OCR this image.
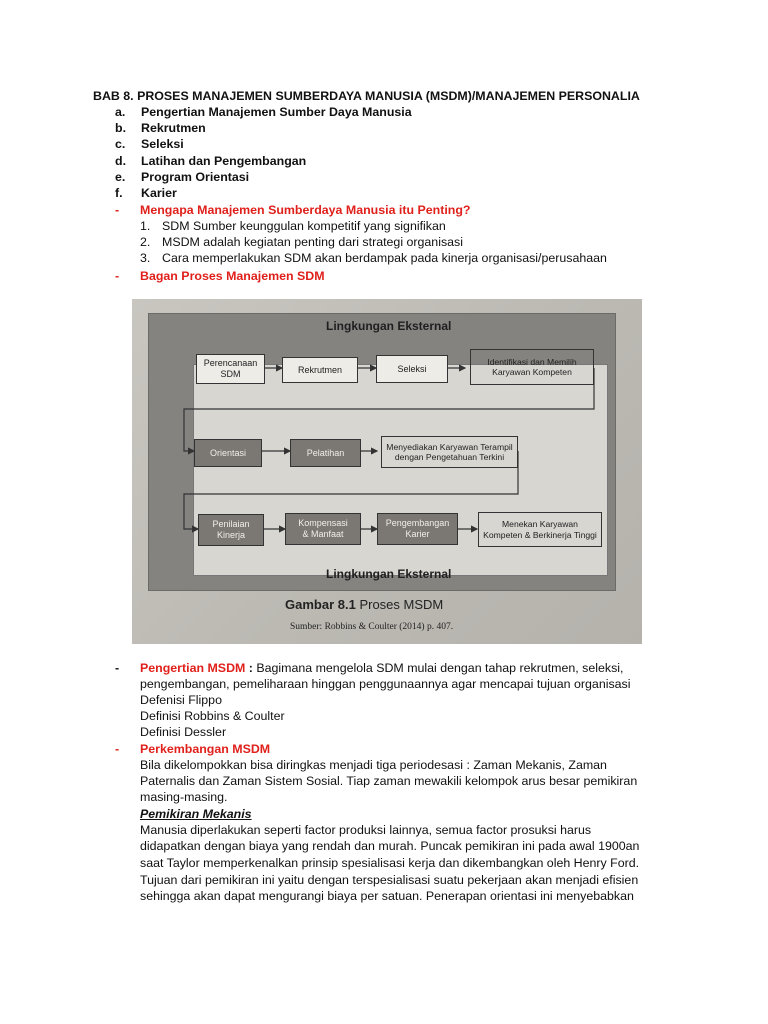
BAB 8. PROSES MANAJEMEN SUMBERDAYA MANUSIA (MSDM)/MANAJEMEN PERSONALIA
a. Pengertian Manajemen Sumber Daya Manusia
b. Rekrutmen
c. Seleksi
d. Latihan dan Pengembangan
e. Program Orientasi
f. Karier
- Mengapa Manajemen Sumberdaya Manusia itu Penting?
1. SDM Sumber keunggulan kompetitif yang signifikan
2. MSDM adalah kegiatan penting dari strategi organisasi
3. Cara memperlakukan SDM akan berdampak pada kinerja organisasi/perusahaan
- Bagan Proses Manajemen SDM
Lingkungan Eksternal
Lingkungan Eksternal
Perencanaan
SDM	Rekrutmen	Seleksi
Identifikasi dan Memilih
Karyawan Kompeten
Orientasi	Pelatihan
Menyediakan Karyawan Terampil
dengan Pengetahuan Terkini
Penilaian
Kinerja
Kompensasi
& Manfaat
Pengembangan
Karier
Menekan Karyawan
Kompeten & Berkinerja Tinggi
Gambar 8.1 Proses MSDM
Sumber: Robbins & Coulter (2014) p. 407.
- Pengertian MSDM : Bagimana mengelola SDM mulai dengan tahap rekrutmen, seleksi,
pengembangan, pemeliharaan hinggan penggunaannya agar mencapai tujuan organisasi
Defenisi Flippo
Definisi Robbins & Coulter
Definisi Dessler
- Perkembangan MSDM
Bila dikelompokkan bisa diringkas menjadi tiga periodesasi : Zaman Mekanis, Zaman
Paternalis dan Zaman Sistem Sosial. Tiap zaman mewakili kelompok arus besar pemikiran
masing-masing.
Pemikiran Mekanis
Manusia diperlakukan seperti factor produksi lainnya, semua factor prosuksi harus
didapatkan dengan biaya yang rendah dan murah. Puncak pemikiran ini pada awal 1900an
saat Taylor memperkenalkan prinsip spesialisasi kerja dan dikembangkan oleh Henry Ford.
Tujuan dari pemikiran ini yaitu dengan terspesialisasi suatu pekerjaan akan menjadi efisien
sehingga akan dapat mengurangi biaya per satuan. Penerapan orientasi ini menyebabkan
